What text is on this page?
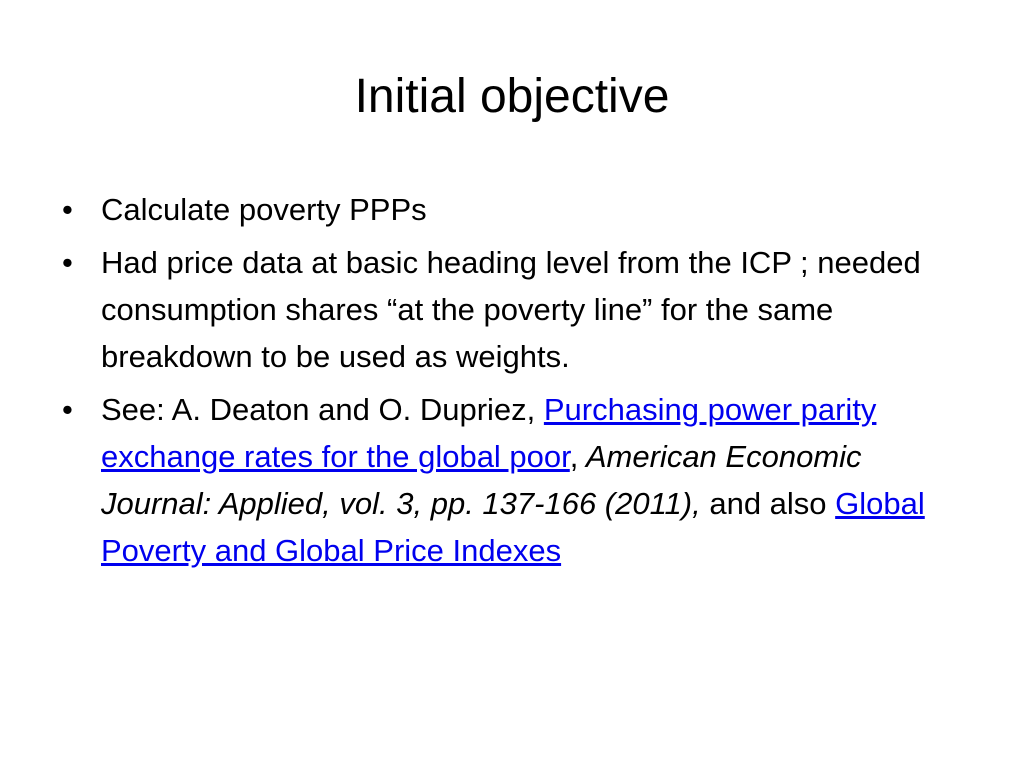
Initial objective
• Calculate poverty PPPs
• Had price data at basic heading level from the ICP ; needed consumption shares “at the poverty line” for the same breakdown to be used as weights.
• See: A. Deaton and O. Dupriez, Purchasing power parity exchange rates for the global poor, American Economic Journal: Applied, vol. 3, pp. 137-166 (2011), and also Global Poverty and Global Price Indexes
